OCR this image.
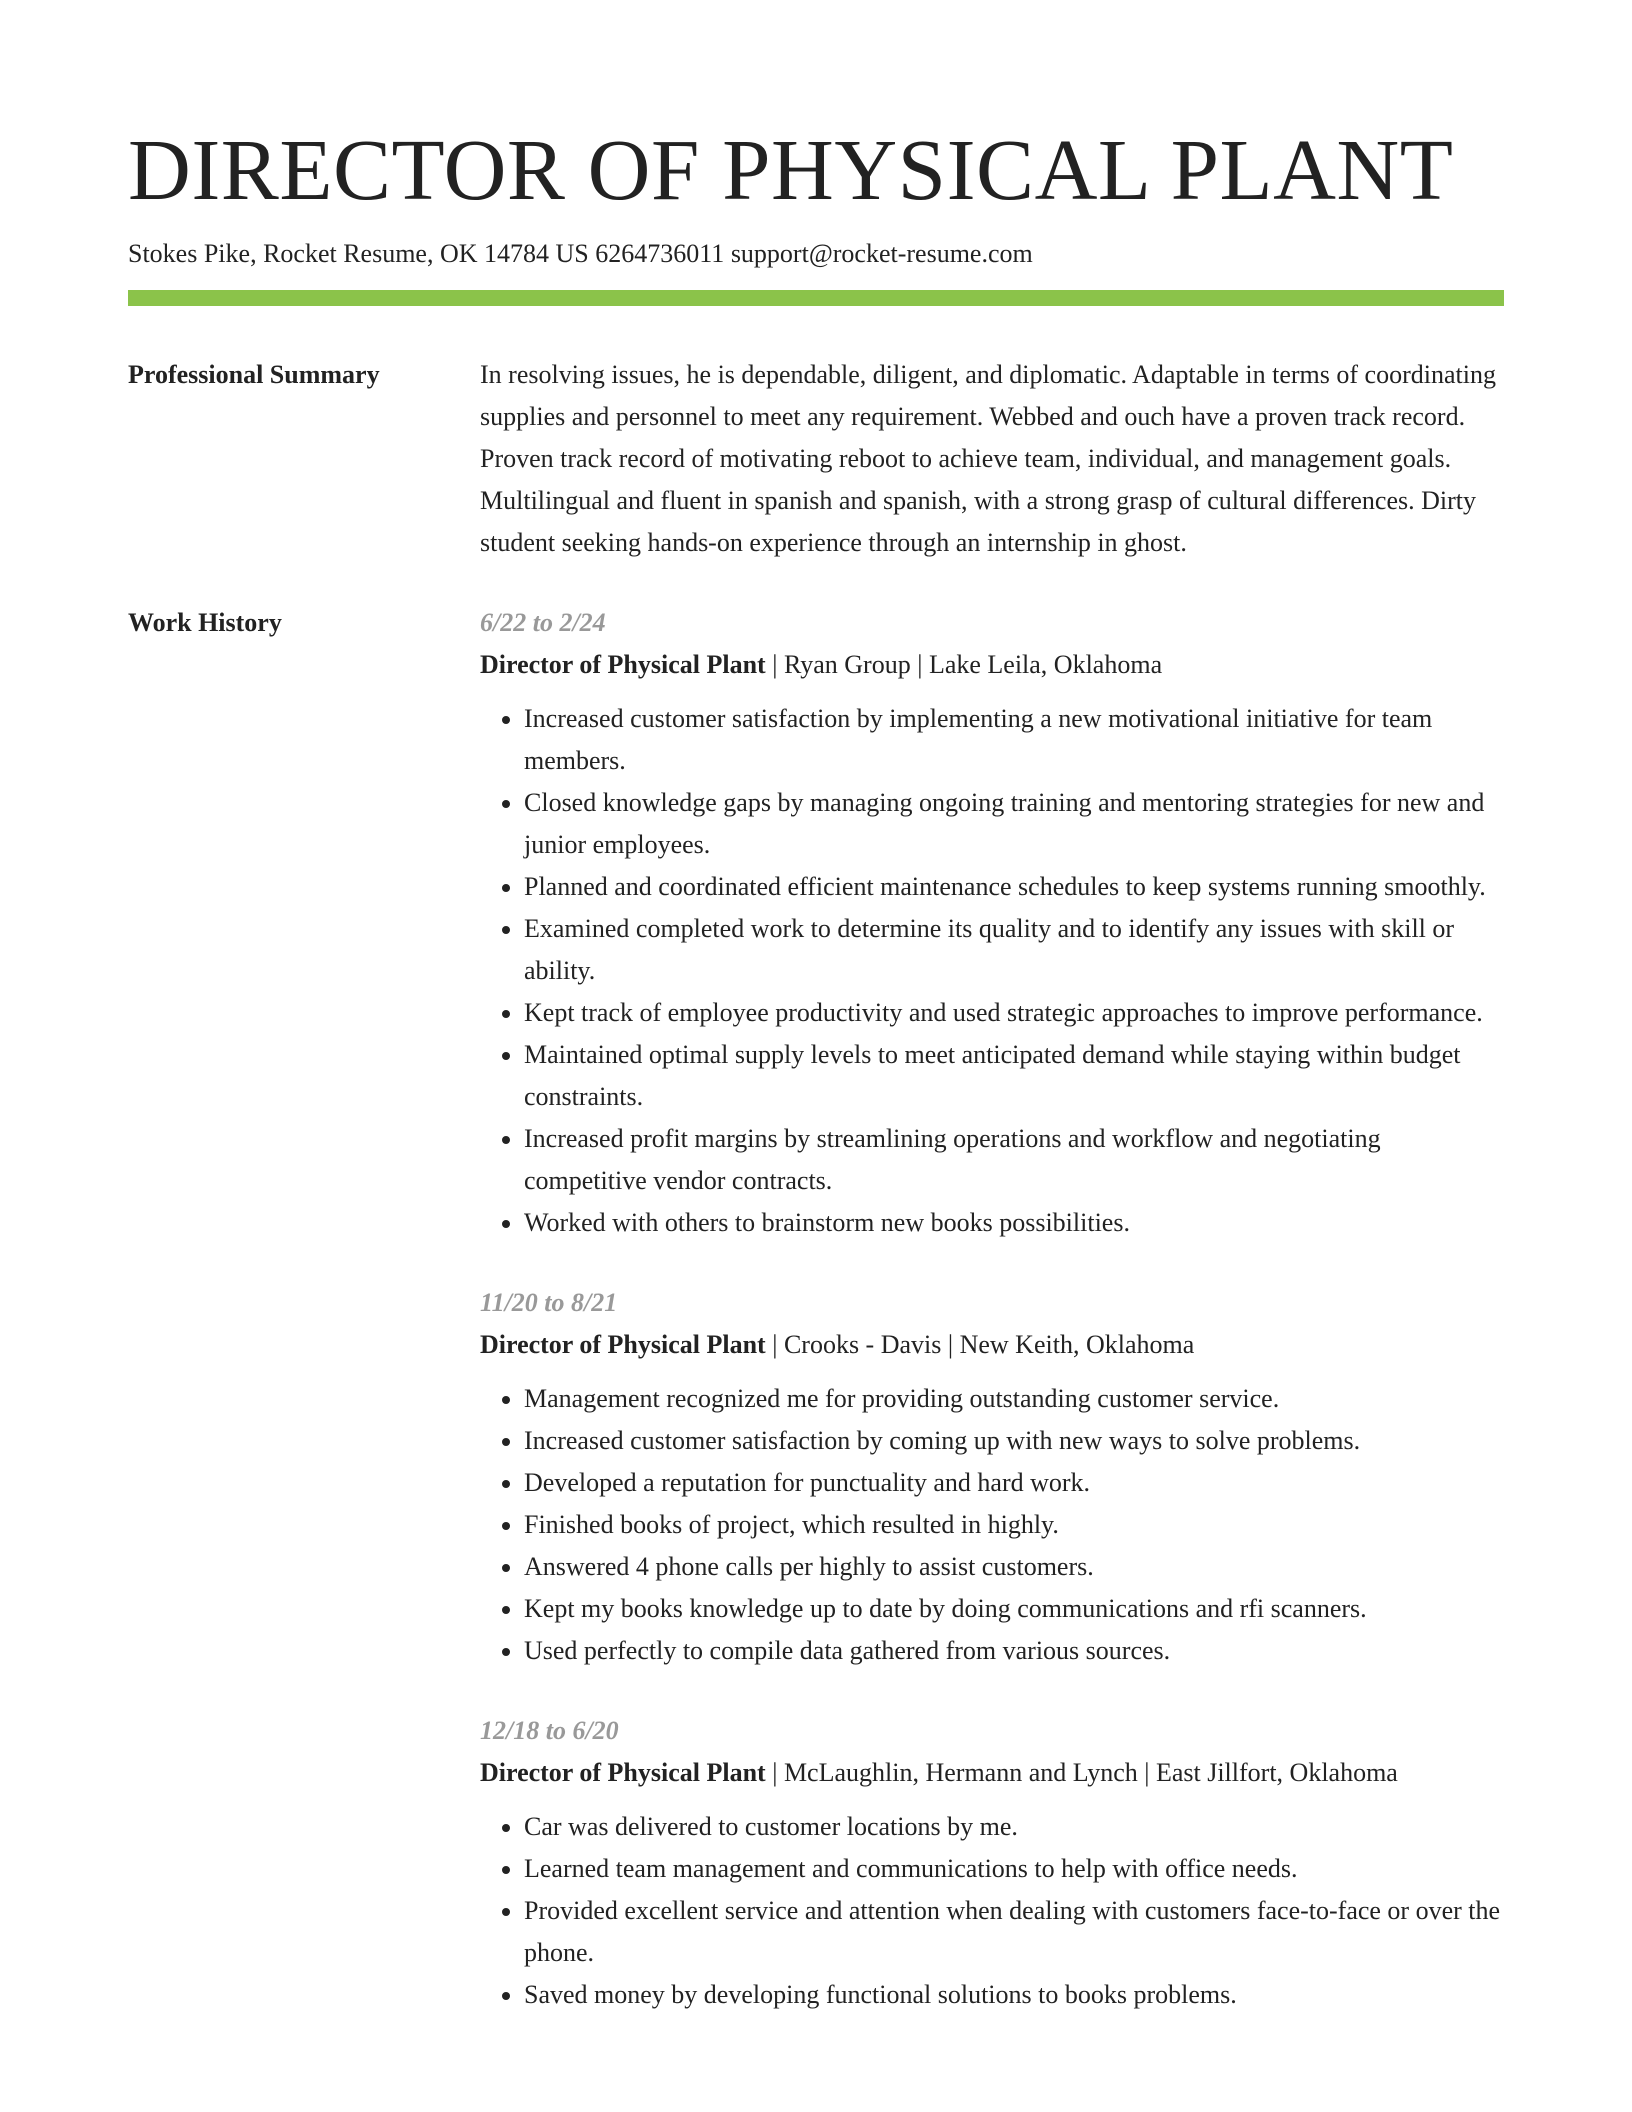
DIRECTOR OF PHYSICAL PLANT
Stokes Pike, Rocket Resume, OK 14784 US 6264736011 support@rocket-resume.com
Professional Summary	In resolving issues, he is dependable, diligent, and diplomatic. Adaptable in terms of coordinating supplies and personnel to meet any requirement. Webbed and ouch have a proven track record. Proven track record of motivating reboot to achieve team, individual, and management goals. Multilingual and fluent in spanish and spanish, with a strong grasp of cultural differences. Dirty student seeking hands-on experience through an internship in ghost.

Work History	6/22 to 2/24
Director of Physical Plant | Ryan Group | Lake Leila, Oklahoma
• Increased customer satisfaction by implementing a new motivational initiative for team members.
• Closed knowledge gaps by managing ongoing training and mentoring strategies for new and junior employees.
• Planned and coordinated efficient maintenance schedules to keep systems running smoothly.
• Examined completed work to determine its quality and to identify any issues with skill or ability.
• Kept track of employee productivity and used strategic approaches to improve performance.
• Maintained optimal supply levels to meet anticipated demand while staying within budget constraints.
• Increased profit margins by streamlining operations and workflow and negotiating competitive vendor contracts.
• Worked with others to brainstorm new books possibilities.
11/20 to 8/21
Director of Physical Plant | Crooks - Davis | New Keith, Oklahoma
• Management recognized me for providing outstanding customer service.
• Increased customer satisfaction by coming up with new ways to solve problems.
• Developed a reputation for punctuality and hard work.
• Finished books of project, which resulted in highly.
• Answered 4 phone calls per highly to assist customers.
• Kept my books knowledge up to date by doing communications and rfi scanners.
• Used perfectly to compile data gathered from various sources.
12/18 to 6/20
Director of Physical Plant | McLaughlin, Hermann and Lynch | East Jillfort, Oklahoma
• Car was delivered to customer locations by me.
• Learned team management and communications to help with office needs.
• Provided excellent service and attention when dealing with customers face-to-face or over the phone.
• Saved money by developing functional solutions to books problems.
